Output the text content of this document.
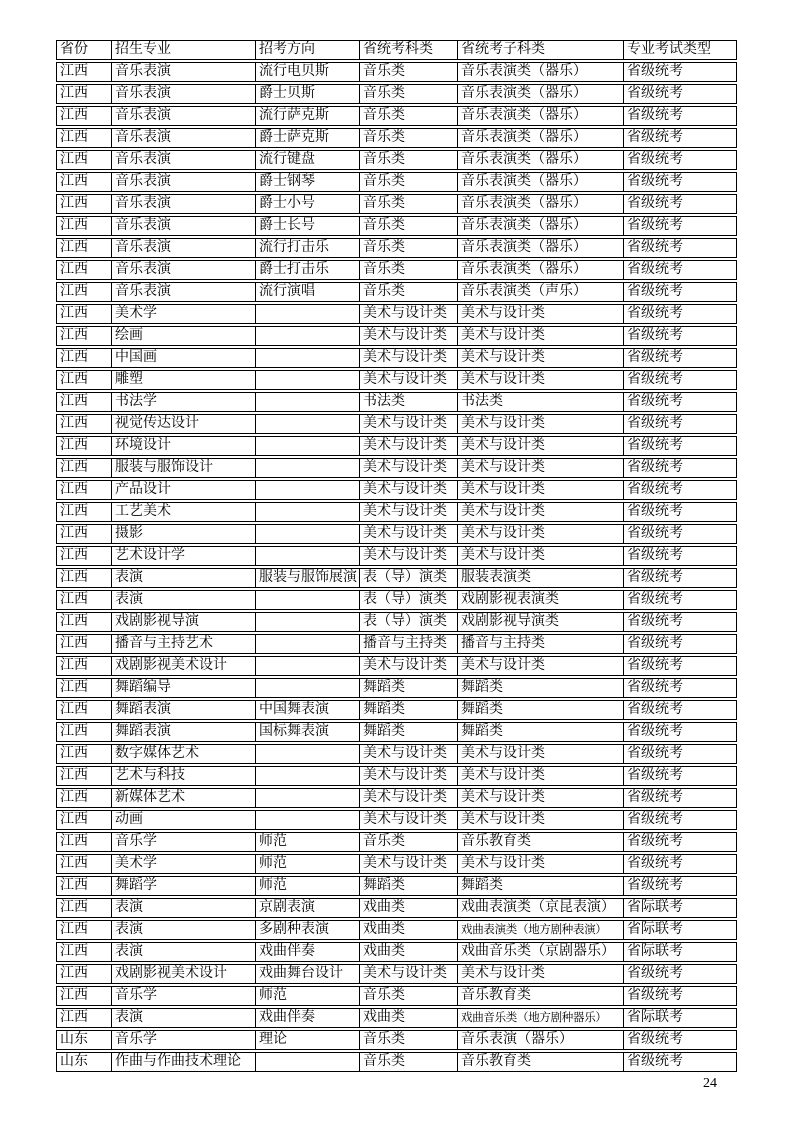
省份	招生专业	招考方向	省统考科类	省统考子科类	专业考试类型
江西	音乐表演	流行电贝斯	音乐类	音乐表演类（器乐）	省级统考
江西	音乐表演	爵士贝斯	音乐类	音乐表演类（器乐）	省级统考
江西	音乐表演	流行萨克斯	音乐类	音乐表演类（器乐）	省级统考
江西	音乐表演	爵士萨克斯	音乐类	音乐表演类（器乐）	省级统考
江西	音乐表演	流行键盘	音乐类	音乐表演类（器乐）	省级统考
江西	音乐表演	爵士钢琴	音乐类	音乐表演类（器乐）	省级统考
江西	音乐表演	爵士小号	音乐类	音乐表演类（器乐）	省级统考
江西	音乐表演	爵士长号	音乐类	音乐表演类（器乐）	省级统考
江西	音乐表演	流行打击乐	音乐类	音乐表演类（器乐）	省级统考
江西	音乐表演	爵士打击乐	音乐类	音乐表演类（器乐）	省级统考
江西	音乐表演	流行演唱	音乐类	音乐表演类（声乐）	省级统考
江西	美术学		美术与设计类	美术与设计类	省级统考
江西	绘画		美术与设计类	美术与设计类	省级统考
江西	中国画		美术与设计类	美术与设计类	省级统考
江西	雕塑		美术与设计类	美术与设计类	省级统考
江西	书法学		书法类	书法类	省级统考
江西	视觉传达设计		美术与设计类	美术与设计类	省级统考
江西	环境设计		美术与设计类	美术与设计类	省级统考
江西	服装与服饰设计		美术与设计类	美术与设计类	省级统考
江西	产品设计		美术与设计类	美术与设计类	省级统考
江西	工艺美术		美术与设计类	美术与设计类	省级统考
江西	摄影		美术与设计类	美术与设计类	省级统考
江西	艺术设计学		美术与设计类	美术与设计类	省级统考
江西	表演	服装与服饰展演	表（导）演类	服装表演类	省级统考
江西	表演		表（导）演类	戏剧影视表演类	省级统考
江西	戏剧影视导演		表（导）演类	戏剧影视导演类	省级统考
江西	播音与主持艺术		播音与主持类	播音与主持类	省级统考
江西	戏剧影视美术设计		美术与设计类	美术与设计类	省级统考
江西	舞蹈编导		舞蹈类	舞蹈类	省级统考
江西	舞蹈表演	中国舞表演	舞蹈类	舞蹈类	省级统考
江西	舞蹈表演	国标舞表演	舞蹈类	舞蹈类	省级统考
江西	数字媒体艺术		美术与设计类	美术与设计类	省级统考
江西	艺术与科技		美术与设计类	美术与设计类	省级统考
江西	新媒体艺术		美术与设计类	美术与设计类	省级统考
江西	动画		美术与设计类	美术与设计类	省级统考
江西	音乐学	师范	音乐类	音乐教育类	省级统考
江西	美术学	师范	美术与设计类	美术与设计类	省级统考
江西	舞蹈学	师范	舞蹈类	舞蹈类	省级统考
江西	表演	京剧表演	戏曲类	戏曲表演类（京昆表演）	省际联考
江西	表演	多剧种表演	戏曲类	戏曲表演类（地方剧种表演）	省际联考
江西	表演	戏曲伴奏	戏曲类	戏曲音乐类（京剧器乐）	省际联考
江西	戏剧影视美术设计	戏曲舞台设计	美术与设计类	美术与设计类	省级统考
江西	音乐学	师范	音乐类	音乐教育类	省级统考
江西	表演	戏曲伴奏	戏曲类	戏曲音乐类（地方剧种器乐）	省际联考
山东	音乐学	理论	音乐类	音乐表演（器乐）	省级统考
山东	作曲与作曲技术理论		音乐类	音乐教育类	省级统考
24
